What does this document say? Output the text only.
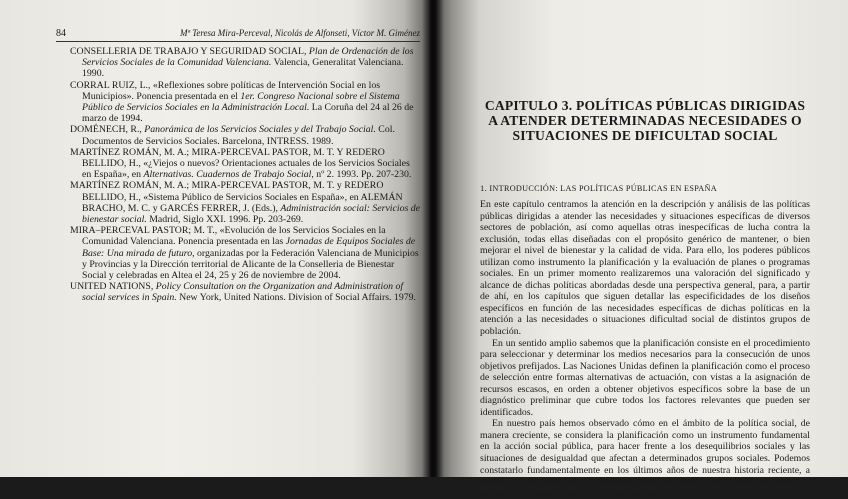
84	Mª Teresa Mira-Perceval, Nicolás de Alfonseti, Víctor M. Giménez

CONSELLERIA DE TRABAJO Y SEGURIDAD SOCIAL, Plan de Ordenación de los Servicios Sociales de la Comunidad Valenciana. Valencia, Generalitat Valenciana. 1990.

CORRAL RUIZ, L., «Reflexiones sobre políticas de Intervención Social en los Municipios». Ponencia presentada en el 1er. Congreso Nacional sobre el Sistema Público de Servicios Sociales en la Administración Local. La Coruña del 24 al 26 de marzo de 1994.

DOMÉNECH, R., Panorámica de los Servicios Sociales y del Trabajo Social. Col. Documentos de Servicios Sociales. Barcelona, INTRESS. 1989.

MARTÍNEZ ROMÁN, M. A.; MIRA-PERCEVAL PASTOR, M. T. Y REDERO BELLIDO, H., «¿Viejos o nuevos? Orientaciones actuales de los Servicios Sociales en España», en Alternativas. Cuadernos de Trabajo Social, nº 2. 1993. Pp. 207-230.

MARTÍNEZ ROMÁN, M. A.; MIRA-PERCEVAL PASTOR, M. T. y REDERO BELLIDO, H., «Sistema Público de Servicios Sociales en España», en ALEMÁN BRACHO, M. C. y GARCÉS FERRER, J. (Eds.), Administración social: Servicios de bienestar social. Madrid, Siglo XXI. 1996. Pp. 203-269.

MIRA–PERCEVAL PASTOR; M. T., «Evolución de los Servicios Sociales en la Comunidad Valenciana. Ponencia presentada en las Jornadas de Equipos Sociales de Base: Una mirada de futuro, organizadas por la Federación Valenciana de Municipios y Provincias y la Dirección territorial de Alicante de la Conselleria de Bienestar Social y celebradas en Altea el 24, 25 y 26 de noviembre de 2004.

UNITED NATIONS, Policy Consultation on the Organization and Administration of social services in Spain. New York, United Nations. Division of Social Affairs. 1979.

CAPITULO 3. POLÍTICAS PÚBLICAS DIRIGIDAS
A ATENDER DETERMINADAS NECESIDADES O
SITUACIONES DE DIFICULTAD SOCIAL
1. INTRODUCCIÓN: LAS POLÍTICAS PÚBLICAS EN ESPAÑA

En este capítulo centramos la atención en la descripción y análisis de las políticas públicas dirigidas a atender las necesidades y situaciones específicas de diversos sectores de población, así como aquellas otras inespecíficas de lucha contra la exclusión, todas ellas diseñadas con el propósito genérico de mantener, o bien mejorar el nivel de bienestar y la calidad de vida. Para ello, los poderes públicos utilizan como instrumento la planificación y la evaluación de planes o programas sociales. En un primer momento realizaremos una valoración del significado y alcance de dichas políticas abordadas desde una perspectiva general, para, a partir de ahí, en los capítulos que siguen detallar las especificidades de los diseños específicos en función de las necesidades específicas de dichas políticas en la atención a las necesidades o situaciones dificultad social de distintos grupos de población.

En un sentido amplio sabemos que la planificación consiste en el procedimiento para seleccionar y determinar los medios necesarios para la consecución de unos objetivos prefijados. Las Naciones Unidas definen la planificación como el proceso de selección entre formas alternativas de actuación, con vistas a la asignación de recursos escasos, en orden a obtener objetivos específicos sobre la base de un diagnóstico preliminar que cubre todos los factores relevantes que pueden ser identificados.

En nuestro país hemos observado cómo en el ámbito de la política social, de manera creciente, se considera la planificación como un instrumento fundamental en la acción social pública, para hacer frente a los desequilibrios sociales y las situaciones de desigualdad que afectan a determinados grupos sociales. Podemos constatarlo fundamentalmente en los últimos años de nuestra historia reciente, a medida que se avanza en el contenido social del Estado, por el diseño de planes de actuación referidos a los distintos sectores de
